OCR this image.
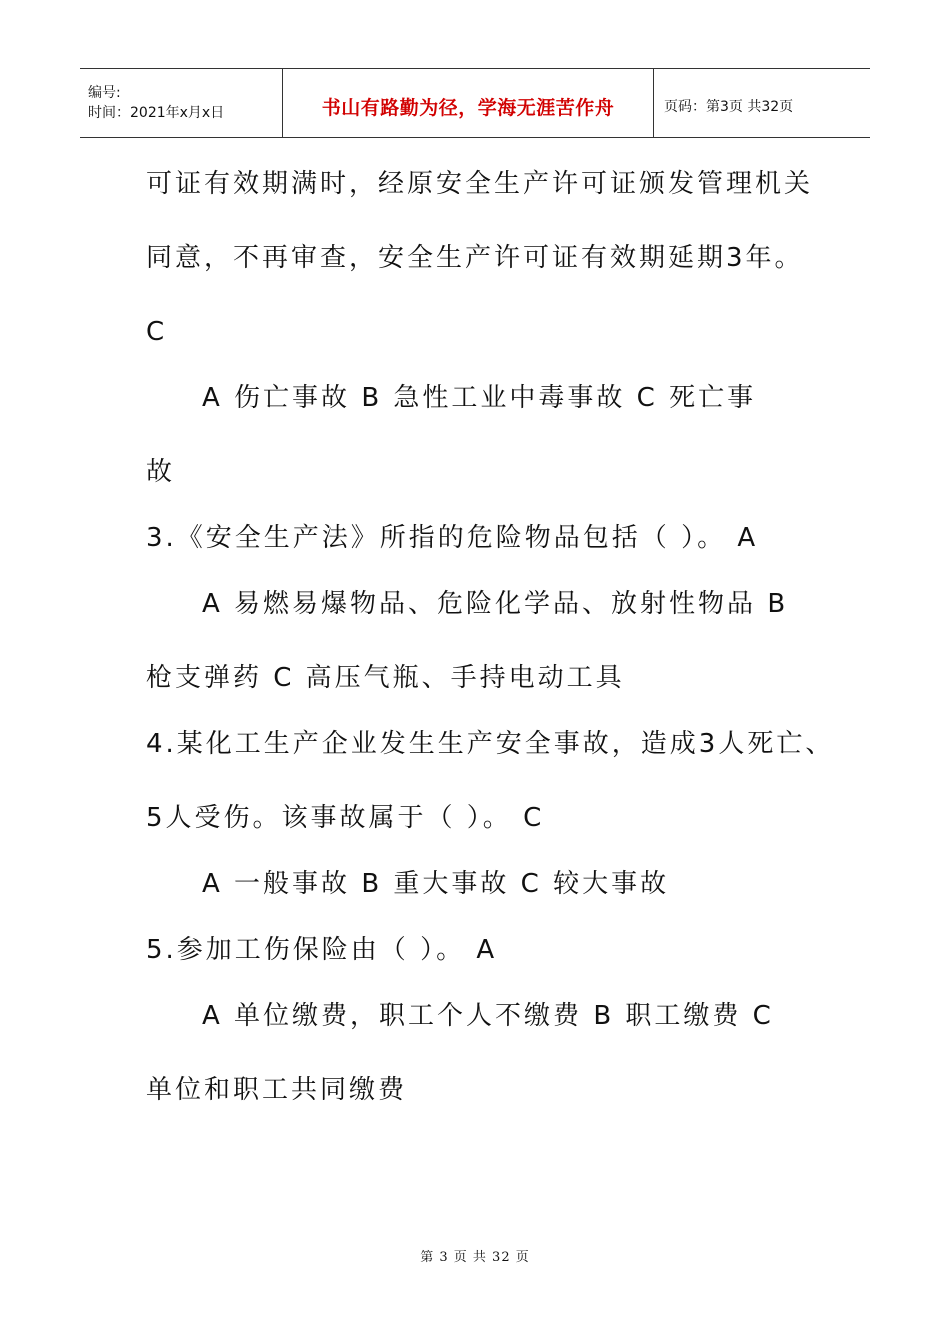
编号:
时间：2021年x月x日	书山有路勤为径，学海无涯苦作舟	页码：第3页 共32页
可证有效期满时，经原安全生产许可证颁发管理机关
同意，不再审查，安全生产许可证有效期延期3年。
C
A 伤亡事故 B 急性工业中毒事故 C 死亡事
故
3.《安全生产法》所指的危险物品包括（ ）。 A
A 易燃易爆物品、危险化学品、放射性物品 B
枪支弹药 C 高压气瓶、手持电动工具
4.某化工生产企业发生生产安全事故，造成3人死亡、
5人受伤。该事故属于（ ）。 C
A 一般事故 B 重大事故 C 较大事故
5.参加工伤保险由（ ）。 A
A 单位缴费，职工个人不缴费 B 职工缴费 C
单位和职工共同缴费
第 3 页 共 32 页
